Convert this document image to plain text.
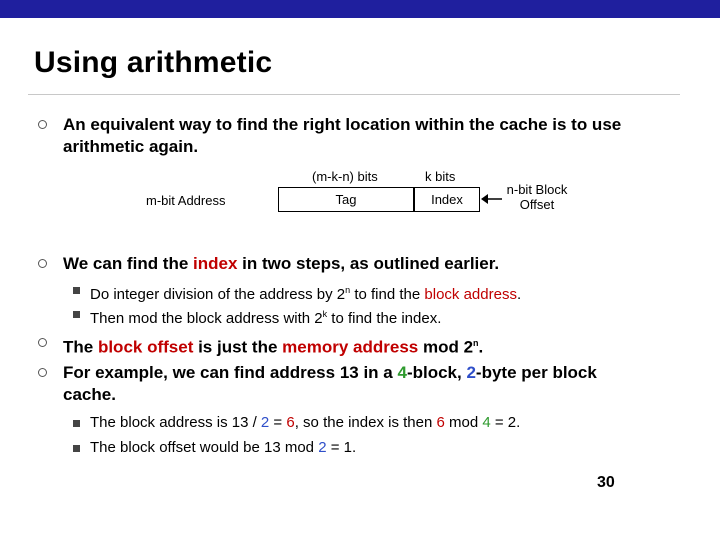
Using arithmetic
An equivalent way to find the right location within the cache is to use
arithmetic again.
m-bit Address
(m-k-n) bits	k bits
Tag	Index
n-bit Block
Offset
We can find the index in two steps, as outlined earlier.
Do integer division of the address by 2$^n$ to find the block address.
Then mod the block address with 2$^k$ to find the index.
The block offset is just the memory address mod 2$^n$.
For example, we can find address 13 in a 4-block, 2-byte per block
cache.
The block address is 13 / 2 = 6, so the index is then 6 mod 4 = 2.
The block offset would be 13 mod 2 = 1.
30
